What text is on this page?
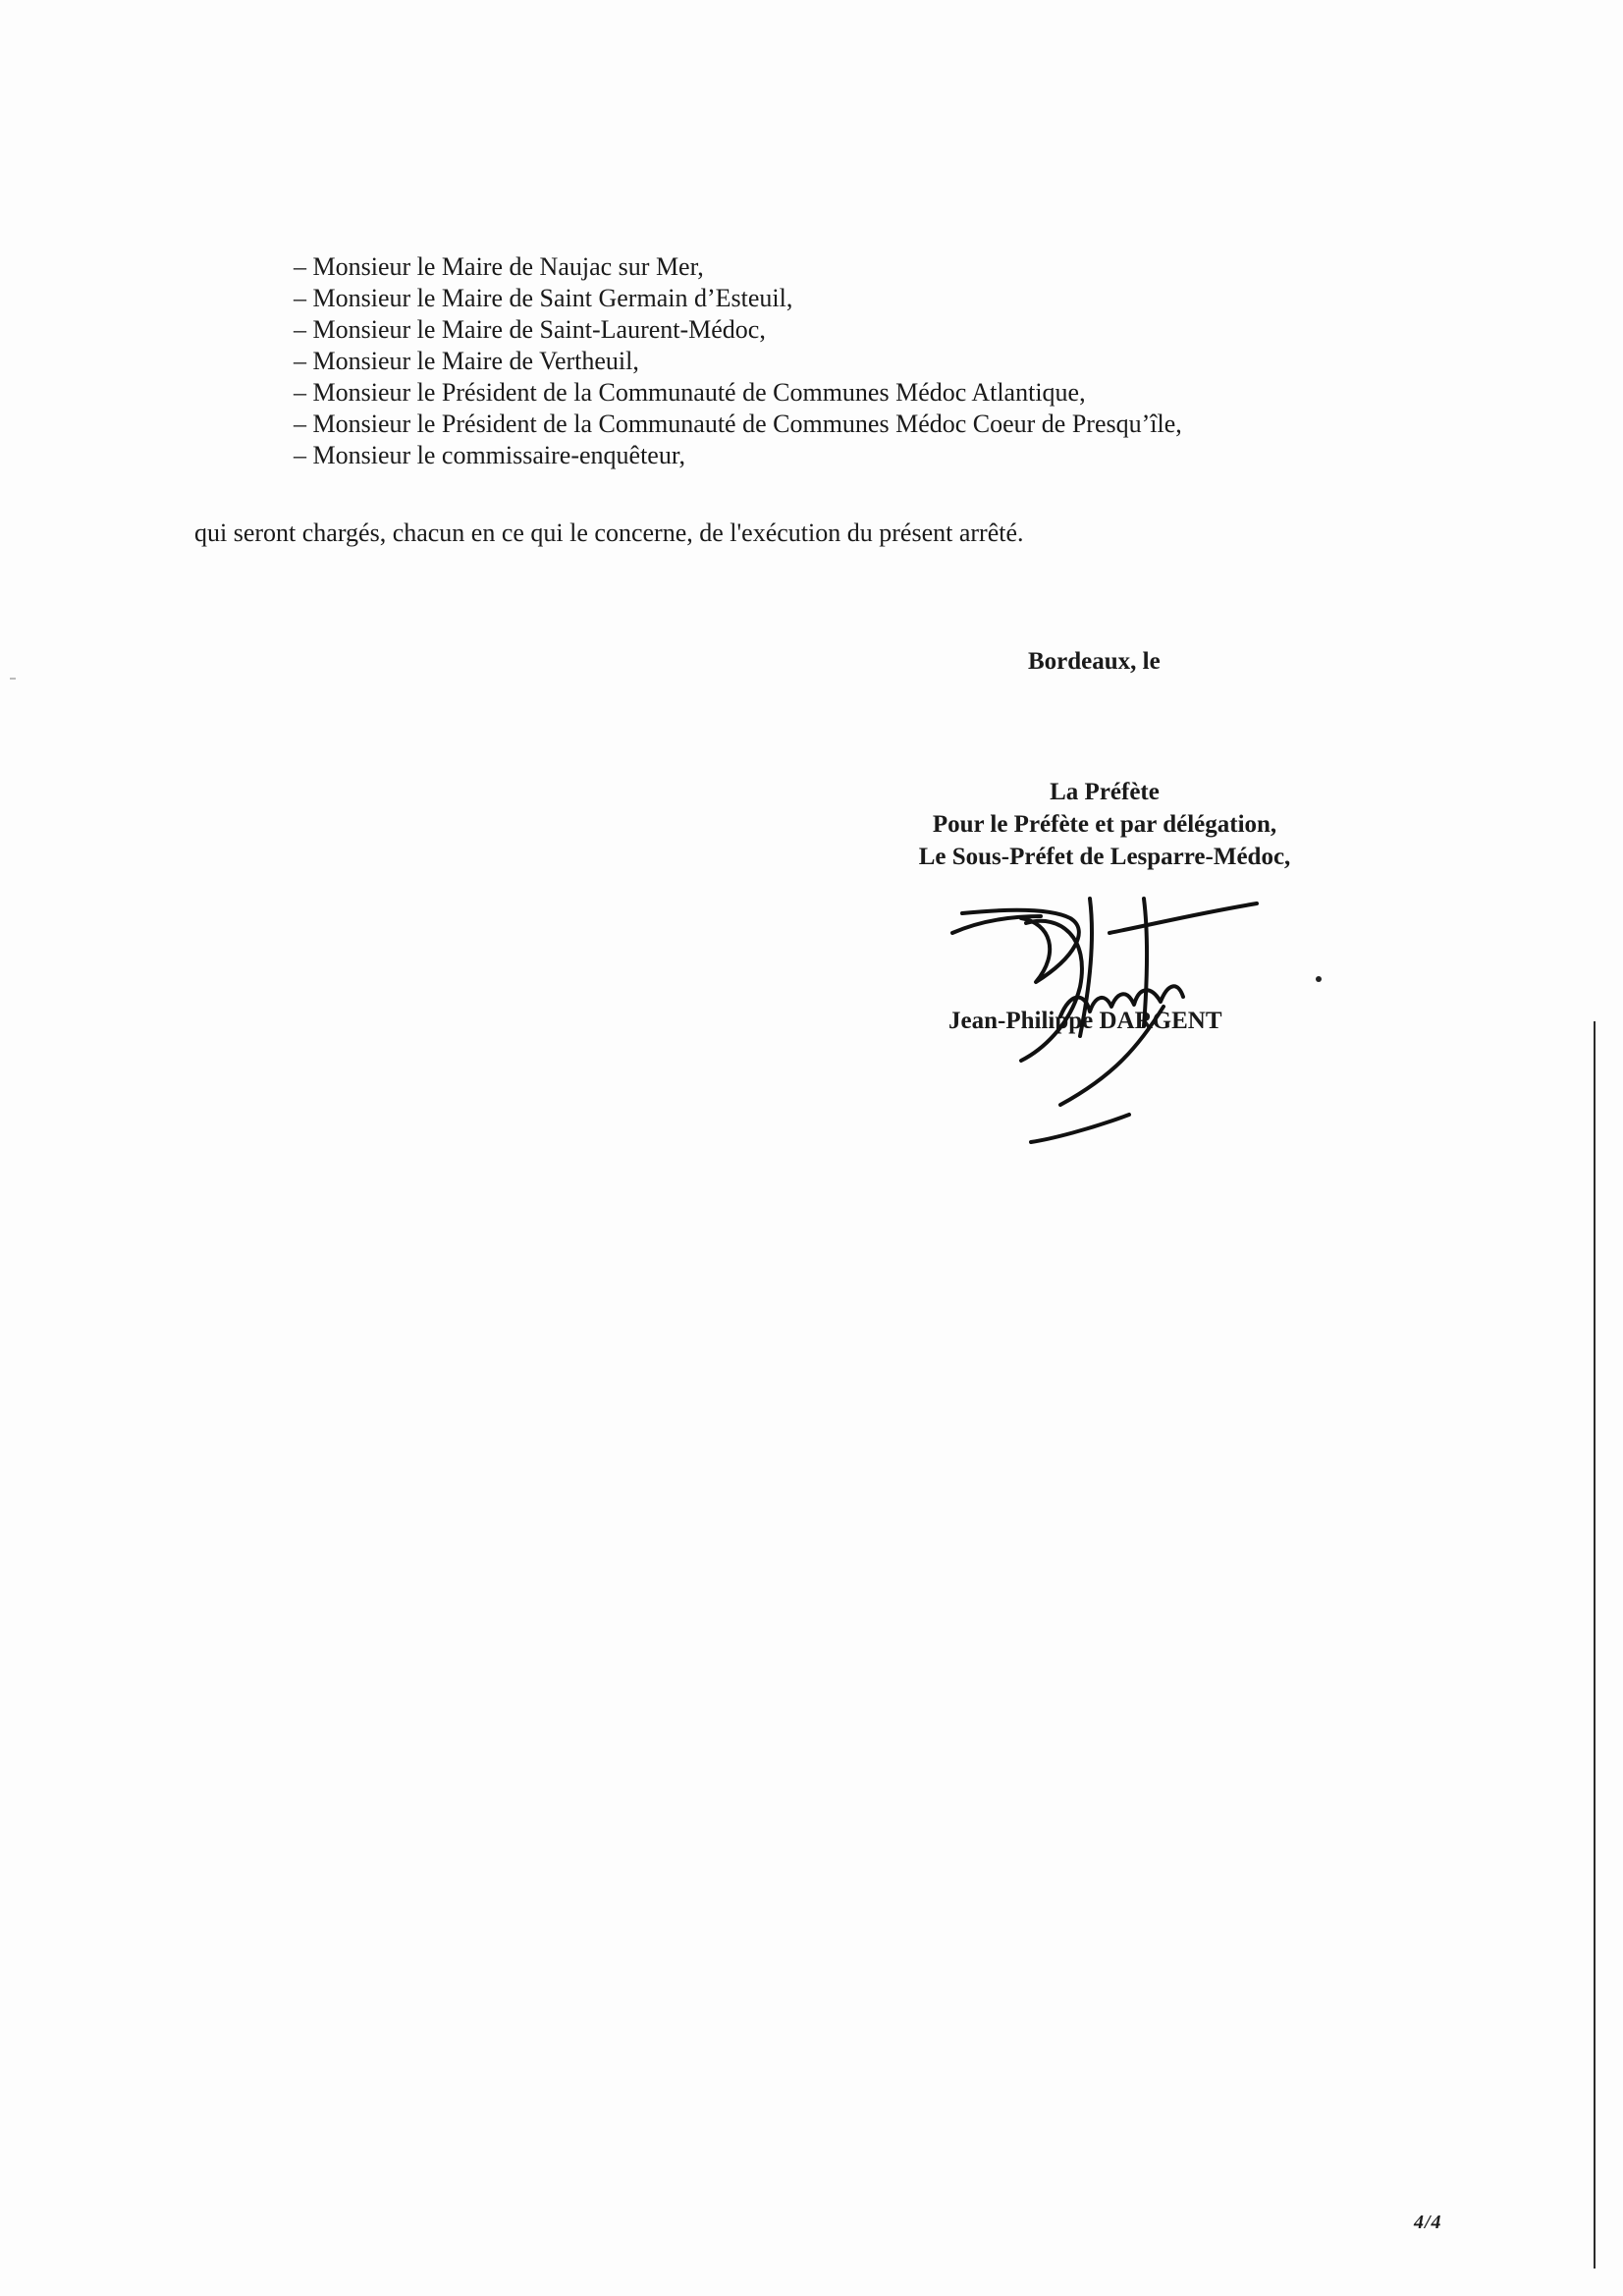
– Monsieur le Maire de Naujac sur Mer,
– Monsieur le Maire de Saint Germain d’Esteuil,
– Monsieur le Maire de Saint-Laurent-Médoc,
– Monsieur le Maire de Vertheuil,
– Monsieur le Président de la Communauté de Communes Médoc Atlantique,
– Monsieur le Président de la Communauté de Communes Médoc Coeur de Presqu’île,
– Monsieur le commissaire-enquêteur,
qui seront chargés, chacun en ce qui le concerne, de l'exécution du présent arrêté.
Bordeaux, le
La Préfète
Pour le Préfète et par délégation,
Le Sous-Préfet de Lesparre-Médoc,
Jean-Philippe DARGENT
4/4
